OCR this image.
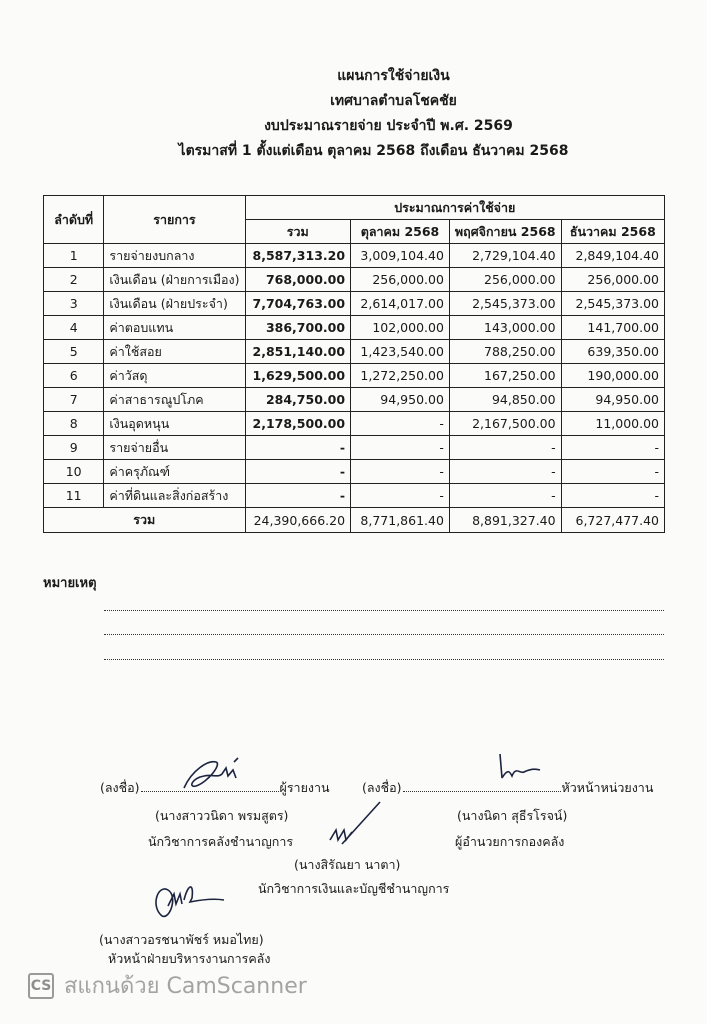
แผนการใช้จ่ายเงิน
เทศบาลตำบลโชคชัย
งบประมาณรายจ่าย ประจำปี พ.ศ. 2569
ไตรมาสที่ 1 ตั้งแต่เดือน ตุลาคม 2568 ถึงเดือน ธันวาคม 2568
ลำดับที่	รายการ	ประมาณการค่าใช้จ่าย			
		รวม	ตุลาคม 2568	พฤศจิกายน 2568	ธันวาคม 2568
1	รายจ่ายงบกลาง	8,587,313.20	3,009,104.40	2,729,104.40	2,849,104.40
2	เงินเดือน (ฝ่ายการเมือง)	768,000.00	256,000.00	256,000.00	256,000.00
3	เงินเดือน (ฝ่ายประจำ)	7,704,763.00	2,614,017.00	2,545,373.00	2,545,373.00
4	ค่าตอบแทน	386,700.00	102,000.00	143,000.00	141,700.00
5	ค่าใช้สอย	2,851,140.00	1,423,540.00	788,250.00	639,350.00
6	ค่าวัสดุ	1,629,500.00	1,272,250.00	167,250.00	190,000.00
7	ค่าสาธารณูปโภค	284,750.00	94,950.00	94,850.00	94,950.00
8	เงินอุดหนุน	2,178,500.00	-	2,167,500.00	11,000.00
9	รายจ่ายอื่น	-	-	-	-
10	ค่าครุภัณฑ์	-	-	-	-
11	ค่าที่ดินและสิ่งก่อสร้าง	-	-	-	-
รวม		24,390,666.20	8,771,861.40	8,891,327.40	6,727,477.40
หมายเหตุ
(ลงชื่อ)	ผู้รายงาน	(ลงชื่อ)	หัวหน้าหน่วยงาน
(นางสาววนิดา พรมสูตร)
นักวิชาการคลังชำนาญการ
(นางนิดา สุธีรโรจน์)
ผู้อำนวยการกองคลัง
(นางสิรัณยา นาตา)
นักวิชาการเงินและบัญชีชำนาญการ
(นางสาวอรชนาพัชร์ หมอไทย)
หัวหน้าฝ่ายบริหารงานการคลัง
CS สแกนด้วย CamScanner
